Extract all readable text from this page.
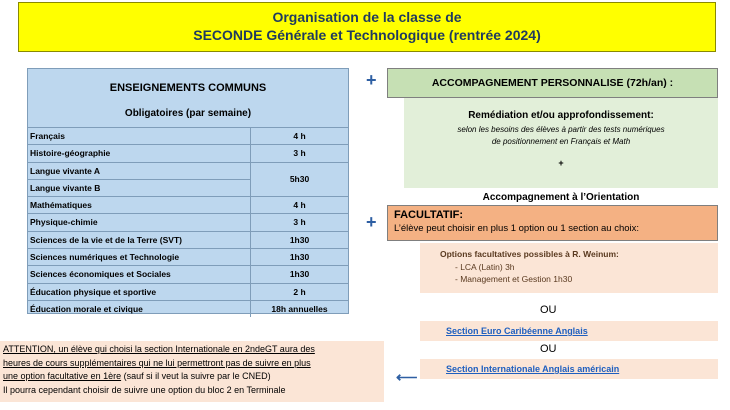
Organisation de la classe de
SECONDE Générale et Technologique (rentrée 2024)
ENSEIGNEMENTS COMMUNS
Obligatoires (par semaine)
Français	4 h
Histoire-géographie	3 h
Langue vivante A
Langue vivante B
5h30
Mathématiques	4 h
Physique-chimie	3 h
Sciences de la vie et de la Terre (SVT)	1h30
Sciences numériques et Technologie	1h30
Sciences économiques et Sociales	1h30
Éducation physique et sportive	2 h
Éducation morale et civique	18h annuelles
+
+
ACCOMPAGNEMENT PERSONNALISE (72h/an) :
Remédiation et/ou approfondissement:
selon les besoins des élèves à partir des tests numériques
de positionnement en Français et Math
+
Accompagnement à l’Orientation
FACULTATIF:
L’élève peut choisir en plus 1 option ou 1 section au choix:
Options facultatives possibles à R. Weinum:
- LCA (Latin) 3h
- Management et Gestion 1h30
OU
Section Euro Caribéenne Anglais
OU
Section Internationale Anglais américain
ATTENTION, un élève qui choisi la section Internationale en 2ndeGT aura des
heures de cours supplémentaires qui ne lui permettront pas de suivre en plus
une option facultative en 1ère (sauf si il veut la suivre par le CNED)
Il pourra cependant choisir de suivre une option du bloc 2 en Terminale
⟵
